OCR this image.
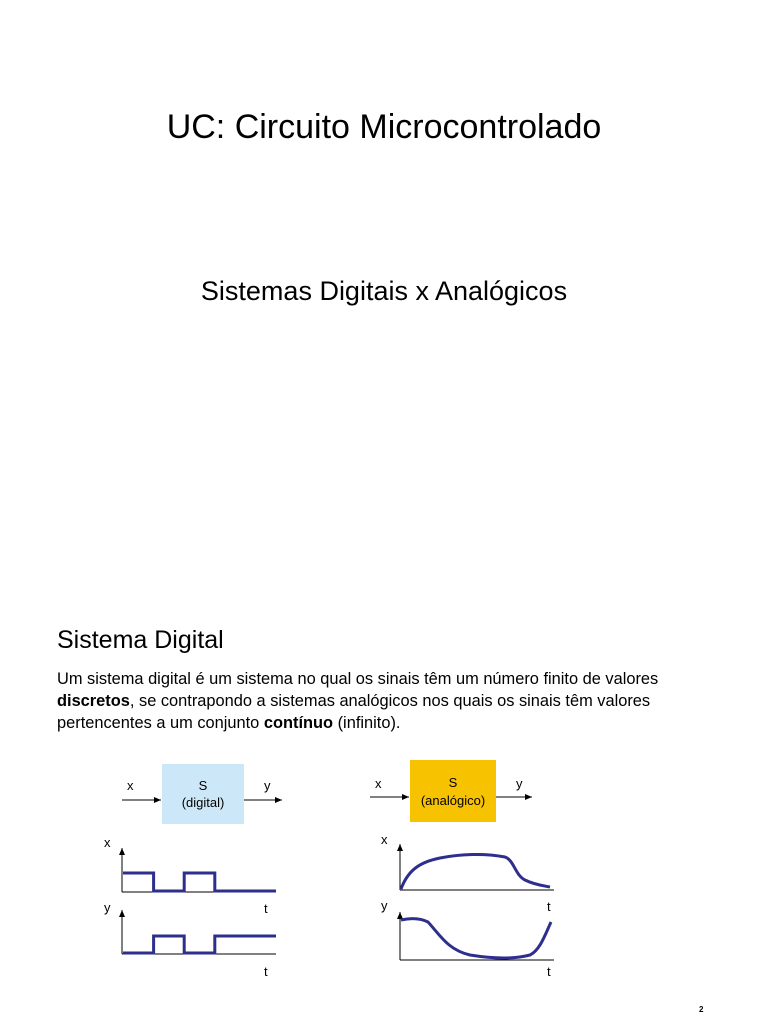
UC: Circuito Microcontrolado
Sistemas Digitais x Analógicos
Sistema Digital
Um sistema digital é um sistema no qual os sinais têm um número finito de valores discretos, se contrapondo a sistemas analógicos nos quais os sinais têm valores pertencentes a um conjunto contínuo (infinito).
x	S
(digital)
y
x
t
y
t
x	S
(analógico)
y
x
t
y
t
2
